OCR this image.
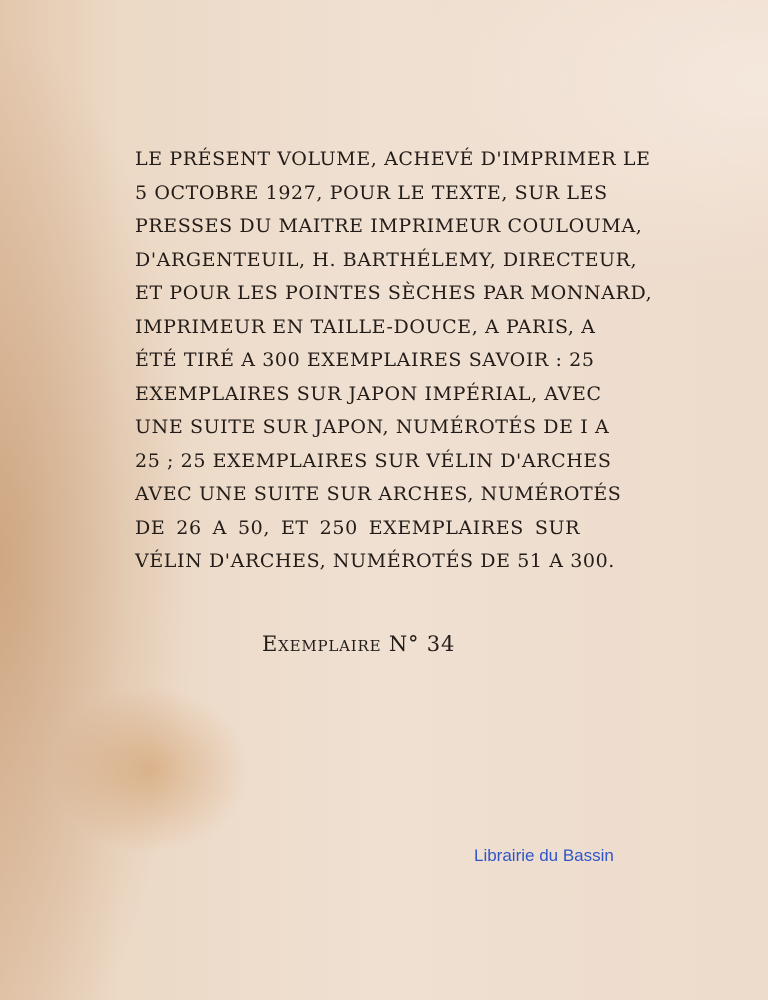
LE PRÉSENT VOLUME, ACHEVÉ D'IMPRIMER LE
5 OCTOBRE 1927, POUR LE TEXTE, SUR LES
PRESSES DU MAITRE IMPRIMEUR COULOUMA,
D'ARGENTEUIL, H. BARTHÉLEMY, DIRECTEUR,
ET POUR LES POINTES SÈCHES PAR MONNARD,
IMPRIMEUR EN TAILLE-DOUCE, A PARIS, A
ÉTÉ TIRÉ A 300 EXEMPLAIRES SAVOIR : 25
EXEMPLAIRES SUR JAPON IMPÉRIAL, AVEC
UNE SUITE SUR JAPON, NUMÉROTÉS DE I A
25 ; 25 EXEMPLAIRES SUR VÉLIN D'ARCHES
AVEC UNE SUITE SUR ARCHES, NUMÉROTÉS
DE 26 A 50, ET 250 EXEMPLAIRES SUR
VÉLIN D'ARCHES, NUMÉROTÉS DE 51 A 300.

Exemplaire N° 34

Librairie du Bassin
